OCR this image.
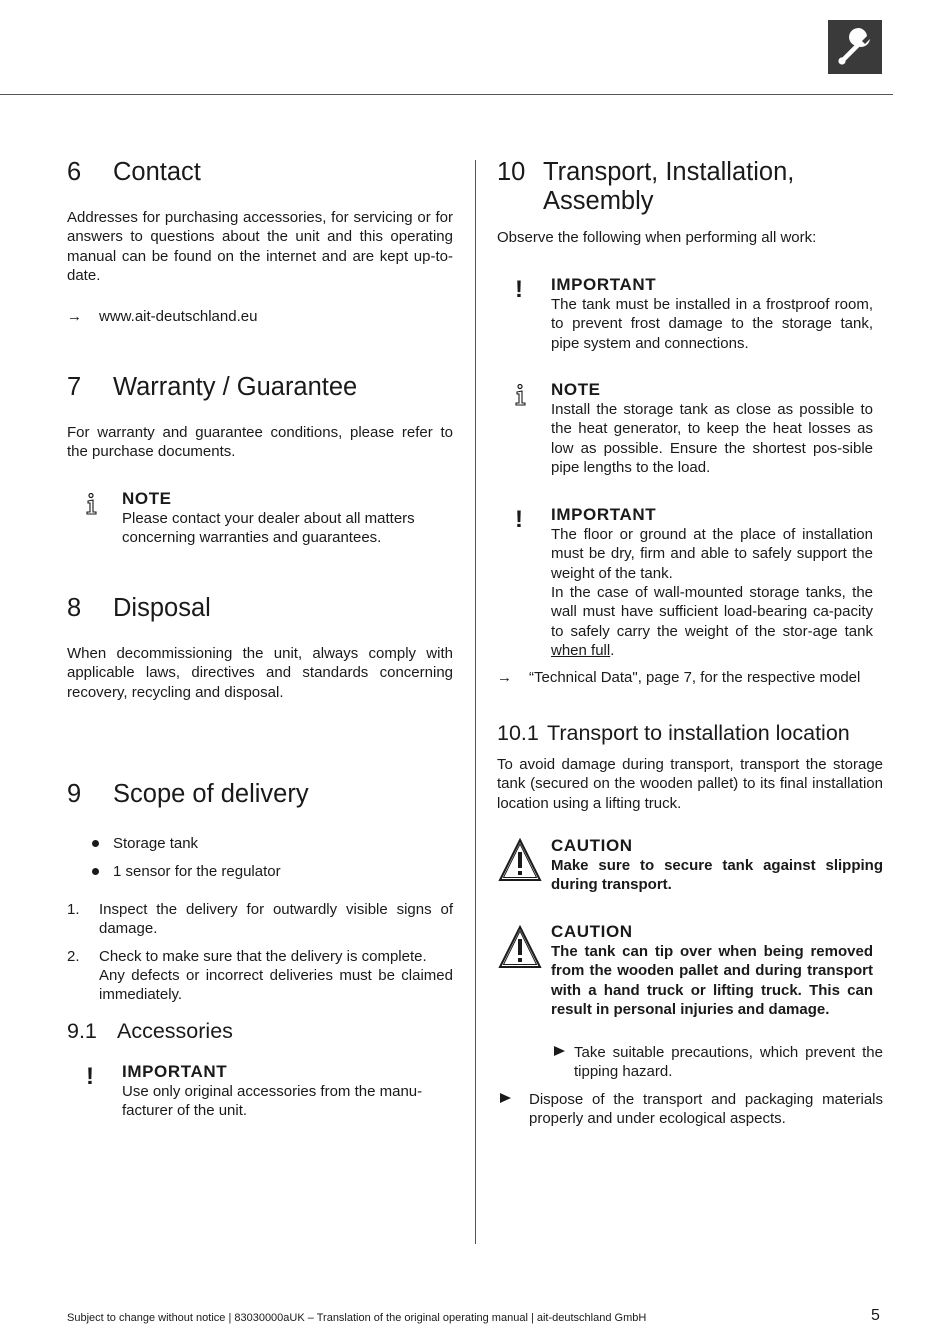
6 Contact
Addresses for purchasing accessories, for servicing or for answers to questions about the unit and this operating manual can be found on the internet and are kept up-to-date.
→ www.ait-deutschland.eu
7 Warranty / Guarantee
For warranty and guarantee conditions, please refer to the purchase documents.
NOTE
Please contact your dealer about all matters concerning warranties and guarantees.
8 Disposal
When decommissioning the unit, always comply with applicable laws, directives and standards concerning recovery, recycling and disposal.
9 Scope of delivery
Storage tank
1 sensor for the regulator
1. Inspect the delivery for outwardly visible signs of damage.
2. Check to make sure that the delivery is complete.
Any defects or incorrect deliveries must be claimed immediately.
9.1 Accessories
! IMPORTANT
Use only original accessories from the manu-facturer of the unit.
10 Transport, Installation,
Assembly
Observe the following when performing all work:
! IMPORTANT
The tank must be installed in a frostproof room, to prevent frost damage to the storage tank, pipe system and connections.
NOTE
Install the storage tank as close as possible to the heat generator, to keep the heat losses as low as possible. Ensure the shortest pos-sible pipe lengths to the load.
! IMPORTANT
The floor or ground at the place of installation must be dry, firm and able to safely support the weight of the tank.
In the case of wall-mounted storage tanks, the wall must have sufficient load-bearing ca-pacity to safely carry the weight of the stor-age tank when full.
→ “Technical Data", page 7, for the respective model
10.1 Transport to installation location
To avoid damage during transport, transport the storage tank (secured on the wooden pallet) to its final installation location using a lifting truck.
CAUTION
Make sure to secure tank against slipping during transport.
CAUTION
The tank can tip over when being removed from the wooden pallet and during transport with a hand truck or lifting truck. This can result in personal injuries and damage.
Take suitable precautions, which prevent the tipping hazard.
Dispose of the transport and packaging materials properly and under ecological aspects.
Subject to change without notice | 83030000aUK – Translation of the original operating manual | ait-deutschland GmbH	5
